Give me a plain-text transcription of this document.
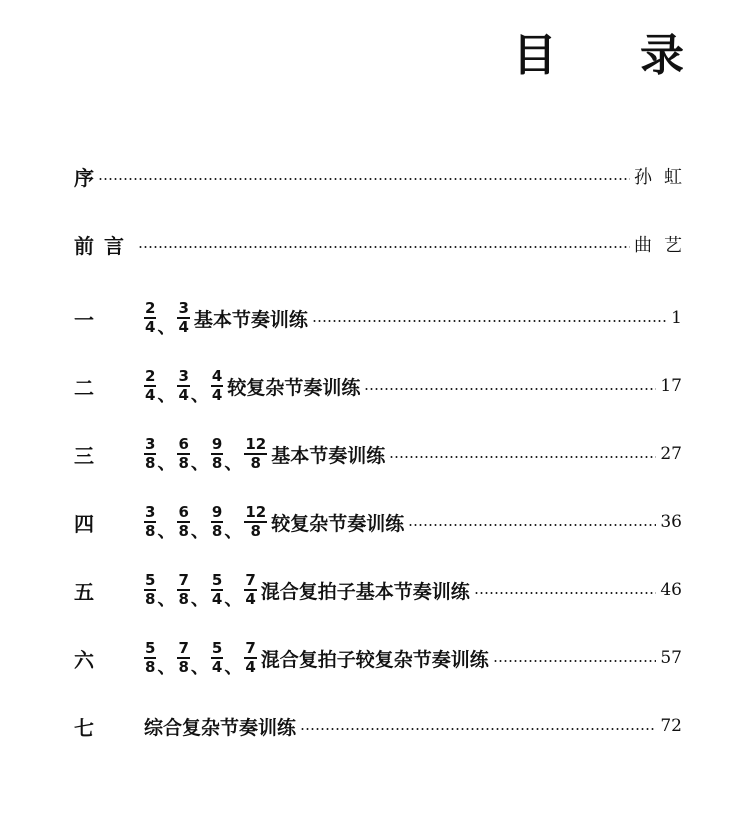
目 录
序	孙虹
前言	曲艺
一	$\frac{2}{4}$ 、 $\frac{3}{4}$ 基本节奏训练	1
二	$\frac{2}{4}$ 、 $\frac{3}{4}$ 、 $\frac{4}{4}$ 较复杂节奏训练	17
三	$\frac{3}{8}$ 、 $\frac{6}{8}$ 、 $\frac{9}{8}$ 、 $\frac{12}{8}$ 基本节奏训练	27
四	$\frac{3}{8}$ 、 $\frac{6}{8}$ 、 $\frac{9}{8}$ 、 $\frac{12}{8}$ 较复杂节奏训练	36
五	$\frac{5}{8}$ 、 $\frac{7}{8}$ 、 $\frac{5}{4}$ 、 $\frac{7}{4}$ 混合复拍子基本节奏训练	46
六	$\frac{5}{8}$ 、 $\frac{7}{8}$ 、 $\frac{5}{4}$ 、 $\frac{7}{4}$ 混合复拍子较复杂节奏训练	57
七	综合复杂节奏训练	72
